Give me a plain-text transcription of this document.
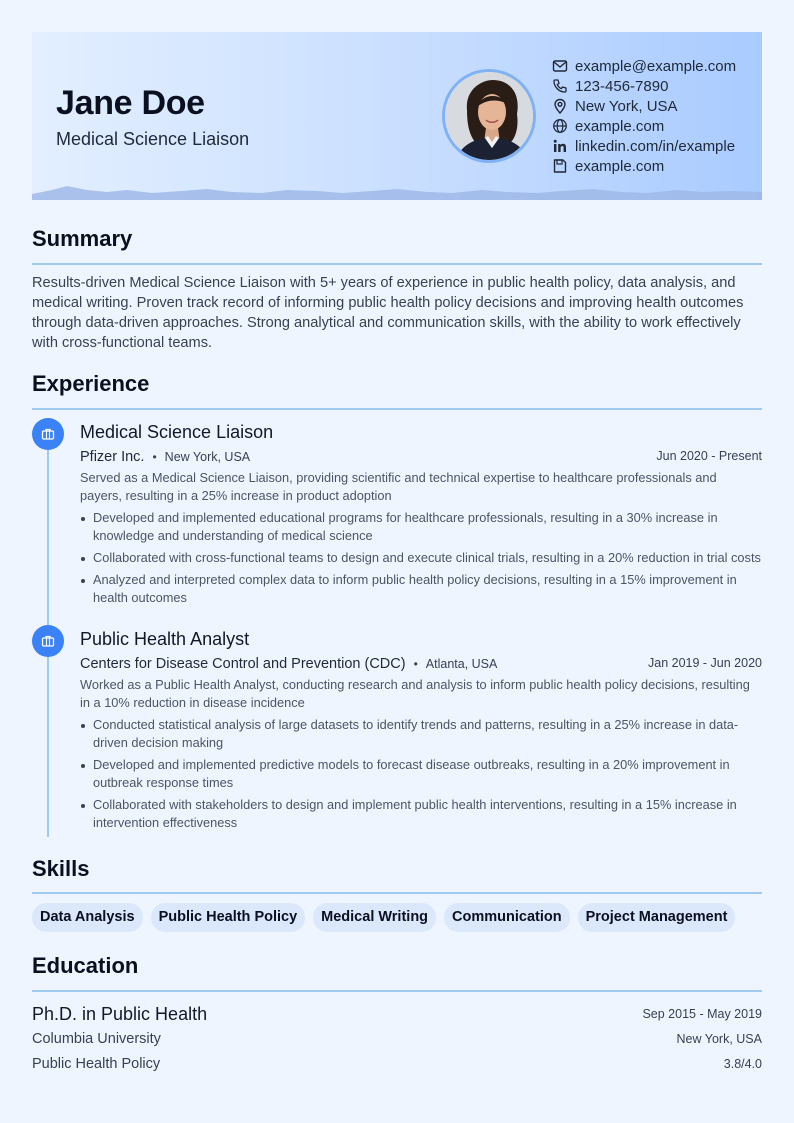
Jane Doe
Medical Science Liaison
example@example.com
123-456-7890
New York, USA
example.com
linkedin.com/in/example
example.com
Summary
Results-driven Medical Science Liaison with 5+ years of experience in public health policy, data analysis, and medical writing. Proven track record of informing public health policy decisions and improving health outcomes through data-driven approaches. Strong analytical and communication skills, with the ability to work effectively with cross-functional teams.
Experience
Medical Science Liaison
Pfizer Inc. • New York, USA	Jun 2020 - Present
Served as a Medical Science Liaison, providing scientific and technical expertise to healthcare professionals and payers, resulting in a 25% increase in product adoption
Developed and implemented educational programs for healthcare professionals, resulting in a 30% increase in knowledge and understanding of medical science
Collaborated with cross-functional teams to design and execute clinical trials, resulting in a 20% reduction in trial costs
Analyzed and interpreted complex data to inform public health policy decisions, resulting in a 15% improvement in health outcomes
Public Health Analyst
Centers for Disease Control and Prevention (CDC) • Atlanta, USA	Jan 2019 - Jun 2020
Worked as a Public Health Analyst, conducting research and analysis to inform public health policy decisions, resulting in a 10% reduction in disease incidence
Conducted statistical analysis of large datasets to identify trends and patterns, resulting in a 25% increase in data-driven decision making
Developed and implemented predictive models to forecast disease outbreaks, resulting in a 20% improvement in outbreak response times
Collaborated with stakeholders to design and implement public health interventions, resulting in a 15% increase in intervention effectiveness
Skills
Data Analysis	Public Health Policy	Medical Writing	Communication	Project Management
Education
Ph.D. in Public Health	Sep 2015 - May 2019
Columbia University	New York, USA
Public Health Policy	3.8/4.0
